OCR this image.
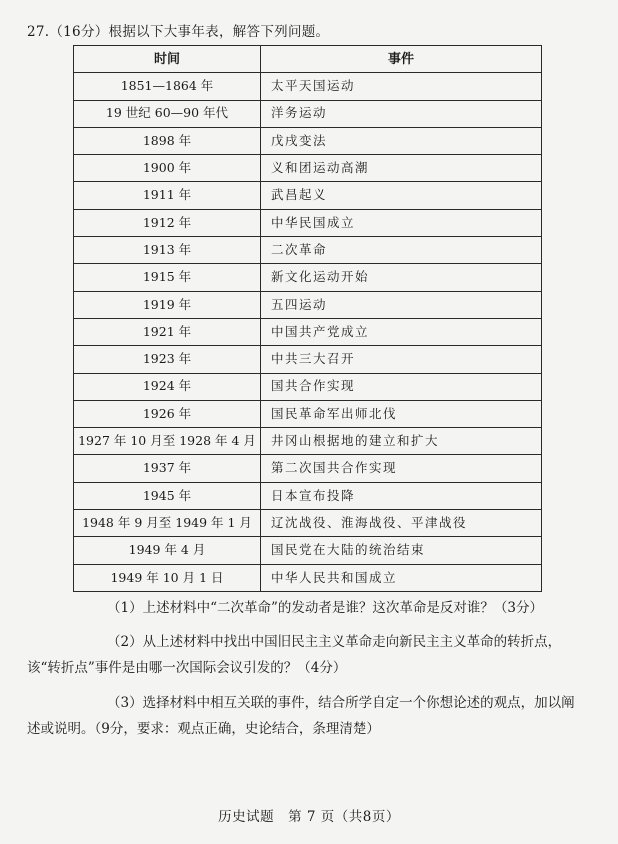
27.（16分）根据以下大事年表，解答下列问题。
时间	事件
1851—1864 年	太平天国运动
19 世纪 60—90 年代	洋务运动
1898 年	戊戌变法
1900 年	义和团运动高潮
1911 年	武昌起义
1912 年	中华民国成立
1913 年	二次革命
1915 年	新文化运动开始
1919 年	五四运动
1921 年	中国共产党成立
1923 年	中共三大召开
1924 年	国共合作实现
1926 年	国民革命军出师北伐
1927 年 10 月至 1928 年 4 月	井冈山根据地的建立和扩大
1937 年	第二次国共合作实现
1945 年	日本宣布投降
1948 年 9 月至 1949 年 1 月	辽沈战役、淮海战役、平津战役
1949 年 4 月	国民党在大陆的统治结束
1949 年 10 月 1 日	中华人民共和国成立
（1）上述材料中“二次革命”的发动者是谁？这次革命是反对谁？（3分）
（2）从上述材料中找出中国旧民主主义革命走向新民主主义革命的转折点，该“转折点”事件是由哪一次国际会议引发的？（4分）
（3）选择材料中相互关联的事件，结合所学自定一个你想论述的观点，加以阐述或说明。（9分，要求：观点正确，史论结合，条理清楚）
历史试题　第 7 页（共8页）
